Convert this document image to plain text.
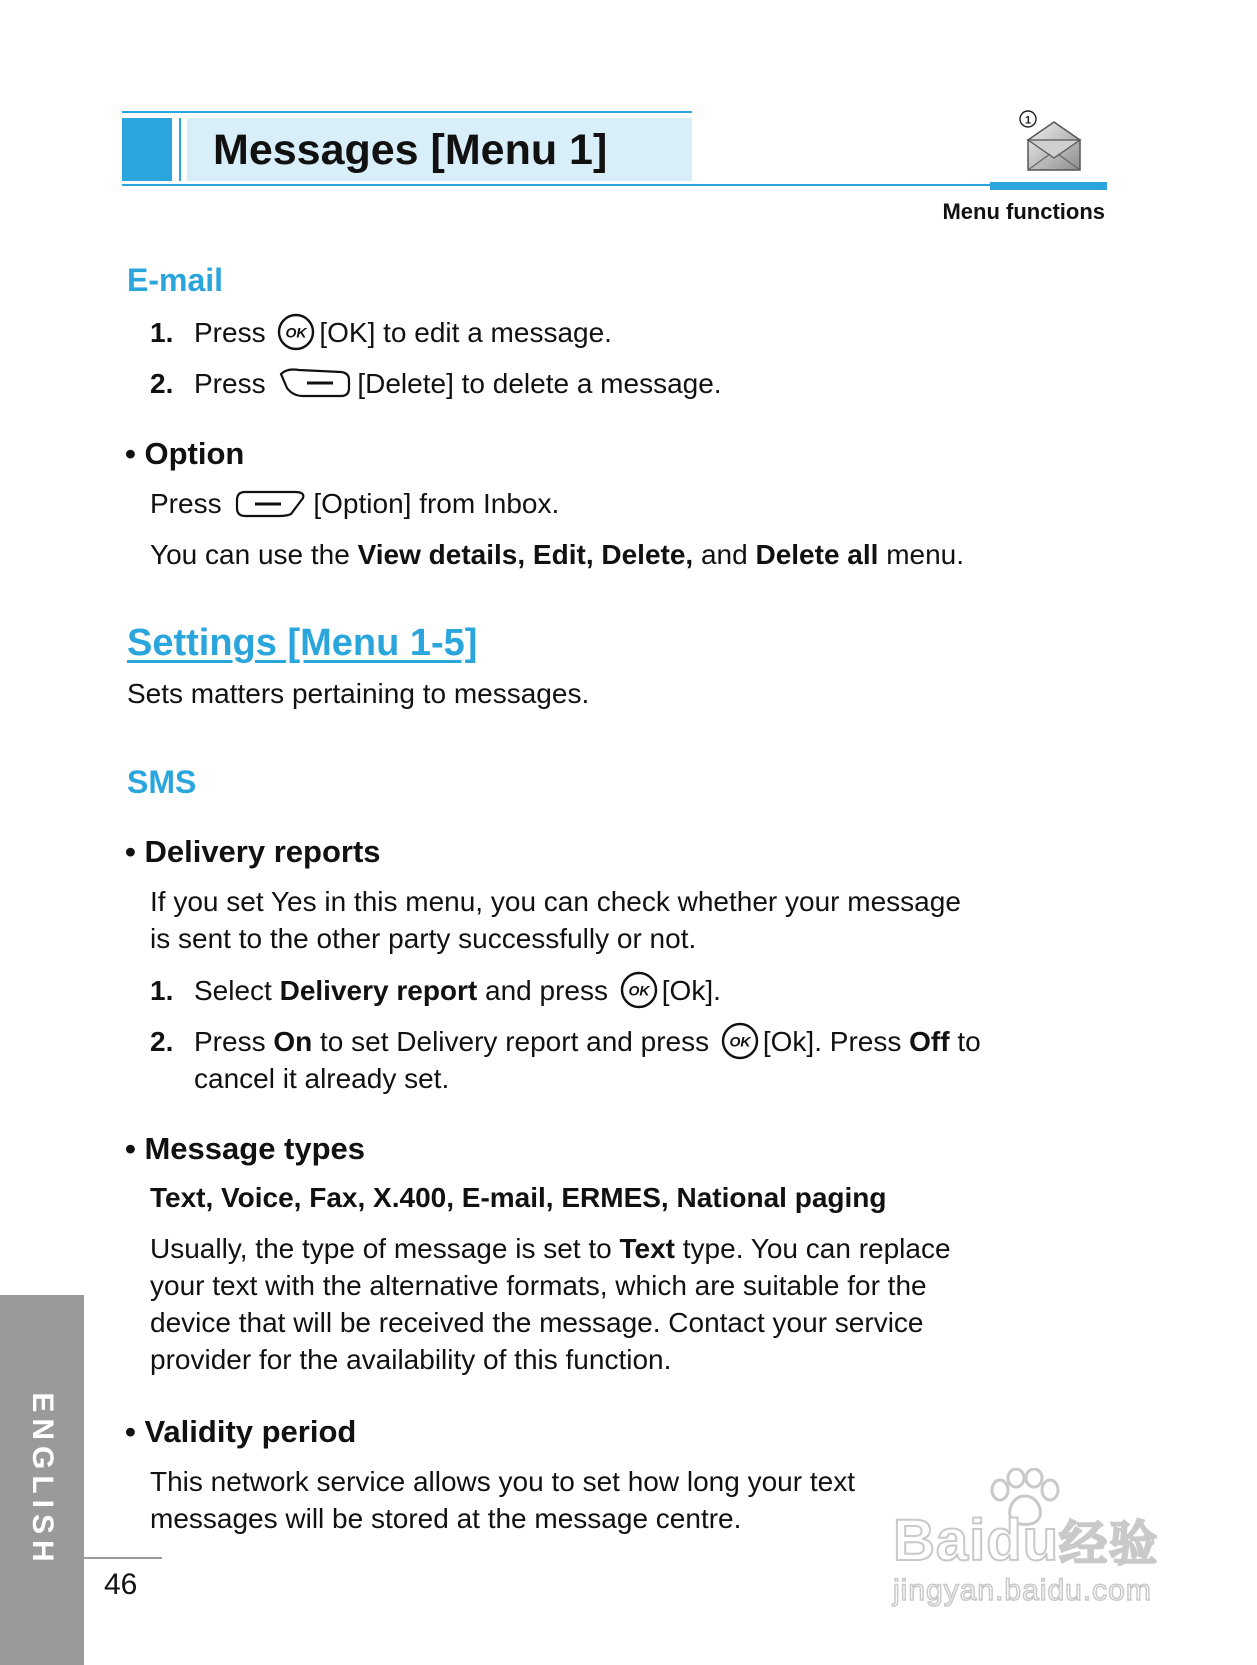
Messages [Menu 1]
1
Menu functions
E-mail
1. Press OK [OK] to edit a message.
2. Press	[Delete] to delete a message.
• Option
Press	[Option] from Inbox.
You can use the View details, Edit, Delete, and Delete all menu.
Settings [Menu 1-5]
Sets matters pertaining to messages.
SMS
• Delivery reports
If you set Yes in this menu, you can check whether your message
is sent to the other party successfully or not.
1. Select Delivery report and press OK [Ok].
2. Press On to set Delivery report and press OK [Ok]. Press Off to
cancel it already set.
• Message types
Text, Voice, Fax, X.400, E-mail, ERMES, National paging
Usually, the type of message is set to Text type. You can replace
your text with the alternative formats, which are suitable for the
device that will be received the message. Contact your service
provider for the availability of this function.
• Validity period
This network service allows you to set how long your text
messages will be stored at the message centre.
ENGLISH
46
Baidu经验
jingyan.baidu.com
